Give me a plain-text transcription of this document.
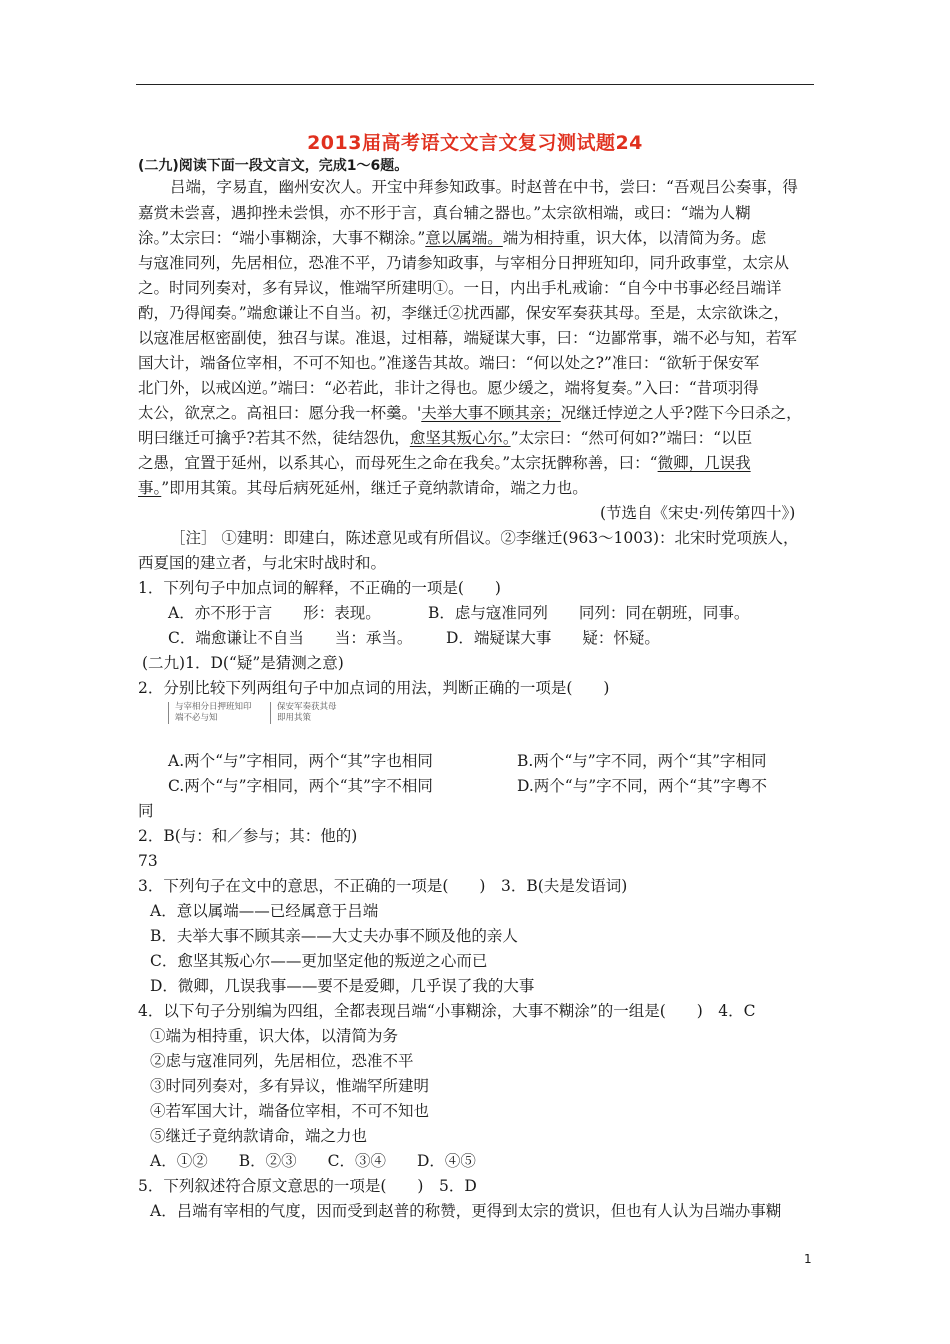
2013届高考语文文言文复习测试题24
(二九)阅读下面一段文言文，完成1～6题。
吕端，字易直，幽州安次人。开宝中拜参知政事。时赵普在中书，尝曰：“吾观吕公奏事，得
嘉赏未尝喜，遇抑挫未尝惧，亦不形于言，真台辅之器也。”太宗欲相端，或曰：“端为人糊
涂。”太宗曰：“端小事糊涂，大事不糊涂。”意以属端。端为相持重，识大体，以清简为务。虑
与寇准同列，先居相位，恐准不平，乃请参知政事，与宰相分日押班知印，同升政事堂，太宗从
之。时同列奏对，多有异议，惟端罕所建明①。一日，内出手札戒谕：“自今中书事必经吕端详
酌，乃得闻奏。”端愈谦让不自当。初，李继迁②扰西鄙，保安军奏获其母。至是，太宗欲诛之，
以寇准居枢密副使，独召与谋。准退，过相幕，端疑谋大事，曰：“边鄙常事，端不必与知，若军
国大计，端备位宰相，不可不知也。”准遂告其故。端曰：“何以处之?”准曰：“欲斩于保安军
北门外，以戒凶逆。”端曰：“必若此，非计之得也。愿少缓之，端将复奏。”入曰：“昔项羽得
太公，欲烹之。高祖曰：愿分我一杯羹。'夫举大事不顾其亲；况继迁悖逆之人乎?陛下今曰杀之，
明曰继迁可擒乎?若其不然，徒结怨仇，愈坚其叛心尔。”太宗曰：“然可何如?”端曰：“以臣
之愚，宜置于延州，以系其心，而母死生之命在我矣。”太宗抚髀称善，曰：“微卿，几误我
事。”即用其策。其母后病死延州，继迁子竟纳款请命，端之力也。
(节选自《宋史·列传第四十》)
［注］ ①建明：即建白，陈述意见或有所倡议。②李继迁(963～1003)：北宋时党项族人，
西夏国的建立者，与北宋时战时和。
1．下列句子中加点词的解释，不正确的一项是(　　)
A．亦不形于言　　形：表现。	B．虑与寇准同列　　同列：同在朝班，同事。
C．端愈谦让不自当　　当：承当。 D．端疑谋大事　　疑：怀疑。
(二九)1．D(“疑”是猜测之意)
2．分别比较下列两组句子中加点词的用法，判断正确的一项是(　　)
与宰相分日押班知印
端不必与知
保安军奏获其母
即用其策
A.两个“与”字相同，两个“其”字也相同	B.两个“与”字不同，两个“其”字相同
C.两个“与”字相同，两个“其”字不相同	D.两个“与”字不同，两个“其”字粤不
同
2．B(与：和／参与；其：他的)
73
3．下列句子在文中的意思，不正确的一项是(　　)　3．B(夫是发语词)
A．意以属端——已经属意于吕端
B．夫举大事不顾其亲——大丈夫办事不顾及他的亲人
C．愈坚其叛心尔——更加坚定他的叛逆之心而已
D．微卿，几误我事——要不是爱卿，几乎误了我的大事
4．以下句子分别编为四组，全都表现吕端“小事糊涂，大事不糊涂”的一组是(　　)　4．C
①端为相持重，识大体，以清简为务
②虑与寇准同列，先居相位，恐准不平
③时同列奏对，多有异议，惟端罕所建明
④若军国大计，端备位宰相，不可不知也
⑤继迁子竟纳款请命，端之力也
A．①②　　B．②③　　C．③④　　D．④⑤
5．下列叙述符合原文意思的一项是(　　)　5．D
A．吕端有宰相的气度，因而受到赵普的称赞，更得到太宗的赏识，但也有人认为吕端办事糊
1
